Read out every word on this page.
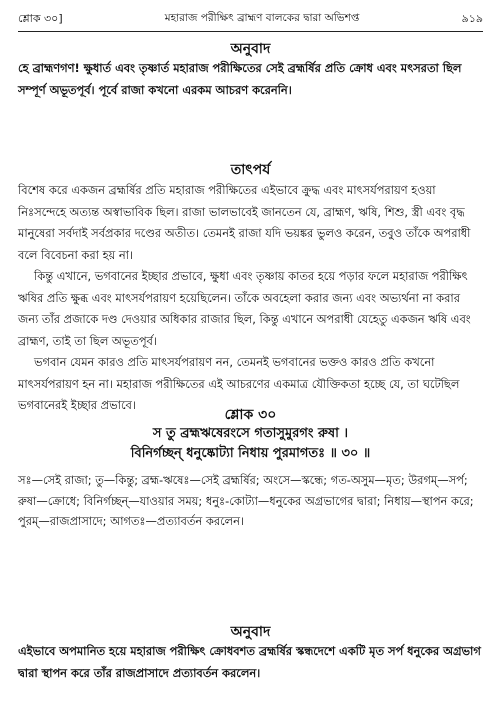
শ্লোক ৩০]	মহারাজ পরীক্ষিৎ ব্রাহ্মণ বালকের দ্বারা অভিশপ্ত	৯১৯
অনুবাদ

হে ব্রাহ্মণগণ! ক্ষুধার্ত এবং তৃষ্ণার্ত মহারাজ পরীক্ষিতের সেই ব্রহ্মর্ষির প্রতি ক্রোধ এবং মৎসরতা ছিল সম্পূর্ণ অভূতপূর্ব। পূর্বে রাজা কখনো এরকম আচরণ করেননি।

তাৎপর্য

বিশেষ করে একজন ব্রহ্মর্ষির প্রতি মহারাজ পরীক্ষিতের এইভাবে ক্রুদ্ধ এবং মাৎসর্যপরায়ণ হওয়া নিঃসন্দেহে অত্যন্ত অস্বাভাবিক ছিল। রাজা ভালভাবেই জানতেন যে, ব্রাহ্মণ, ঋষি, শিশু, স্ত্রী এবং বৃদ্ধ মানুষেরা সর্বদাই সর্বপ্রকার দণ্ডের অতীত। তেমনই রাজা যদি ভয়ঙ্কর ভুলও করেন, তবুও তাঁকে অপরাধী বলে বিবেচনা করা হয় না।

কিন্তু এখানে, ভগবানের ইচ্ছার প্রভাবে, ক্ষুধা এবং তৃষ্ণায় কাতর হয়ে পড়ার ফলে মহারাজ পরীক্ষিৎ ঋষির প্রতি ক্ষুব্ধ এবং মাৎসর্যপরায়ণ হয়েছিলেন। তাঁকে অবহেলা করার জন্য এবং অভ্যর্থনা না করার জন্য তাঁর প্রজাকে দণ্ড দেওয়ার অধিকার রাজার ছিল, কিন্তু এখানে অপরাধী যেহেতু একজন ঋষি এবং ব্রাহ্মণ, তাই তা ছিল অভূতপূর্ব।

ভগবান যেমন কারও প্রতি মাৎসর্যপরায়ণ নন, তেমনই ভগবানের ভক্তও কারও প্রতি কখনো মাৎসর্যপরায়ণ হন না। মহারাজ পরীক্ষিতের এই আচরণের একমাত্র যৌক্তিকতা হচ্ছে যে, তা ঘটেছিল ভগবানেরই ইচ্ছার প্রভাবে।

শ্লোক ৩০
স তু ব্রহ্মঋষেরংসে গতাসুমুরগং রুষা ।
বিনির্গচ্ছন্ ধনুষ্কোট্যা নিধায় পুরমাগতঃ ॥ ৩০ ॥

সঃ—সেই রাজা; তু—কিন্তু; ব্রহ্ম-ঋষেঃ—সেই ব্রহ্মর্ষির; অংসে—স্কন্ধে; গত-অসুম—মৃত; উরগম্—সর্প; রুষা—ক্রোধে; বিনির্গচ্ছন্—যাওয়ার সময়; ধনুঃ-কোট্যা—ধনুকের অগ্রভাগের দ্বারা; নিধায়—স্থাপন করে; পুরম্—রাজপ্রাসাদে; আগতঃ—প্রত্যাবর্তন করলেন।

অনুবাদ

এইভাবে অপমানিত হয়ে মহারাজ পরীক্ষিৎ ক্রোধবশত ব্রহ্মর্ষির স্কন্ধদেশে একটি মৃত সর্প ধনুকের অগ্রভাগ দ্বারা স্থাপন করে তাঁর রাজপ্রাসাদে প্রত্যাবর্তন করলেন।
